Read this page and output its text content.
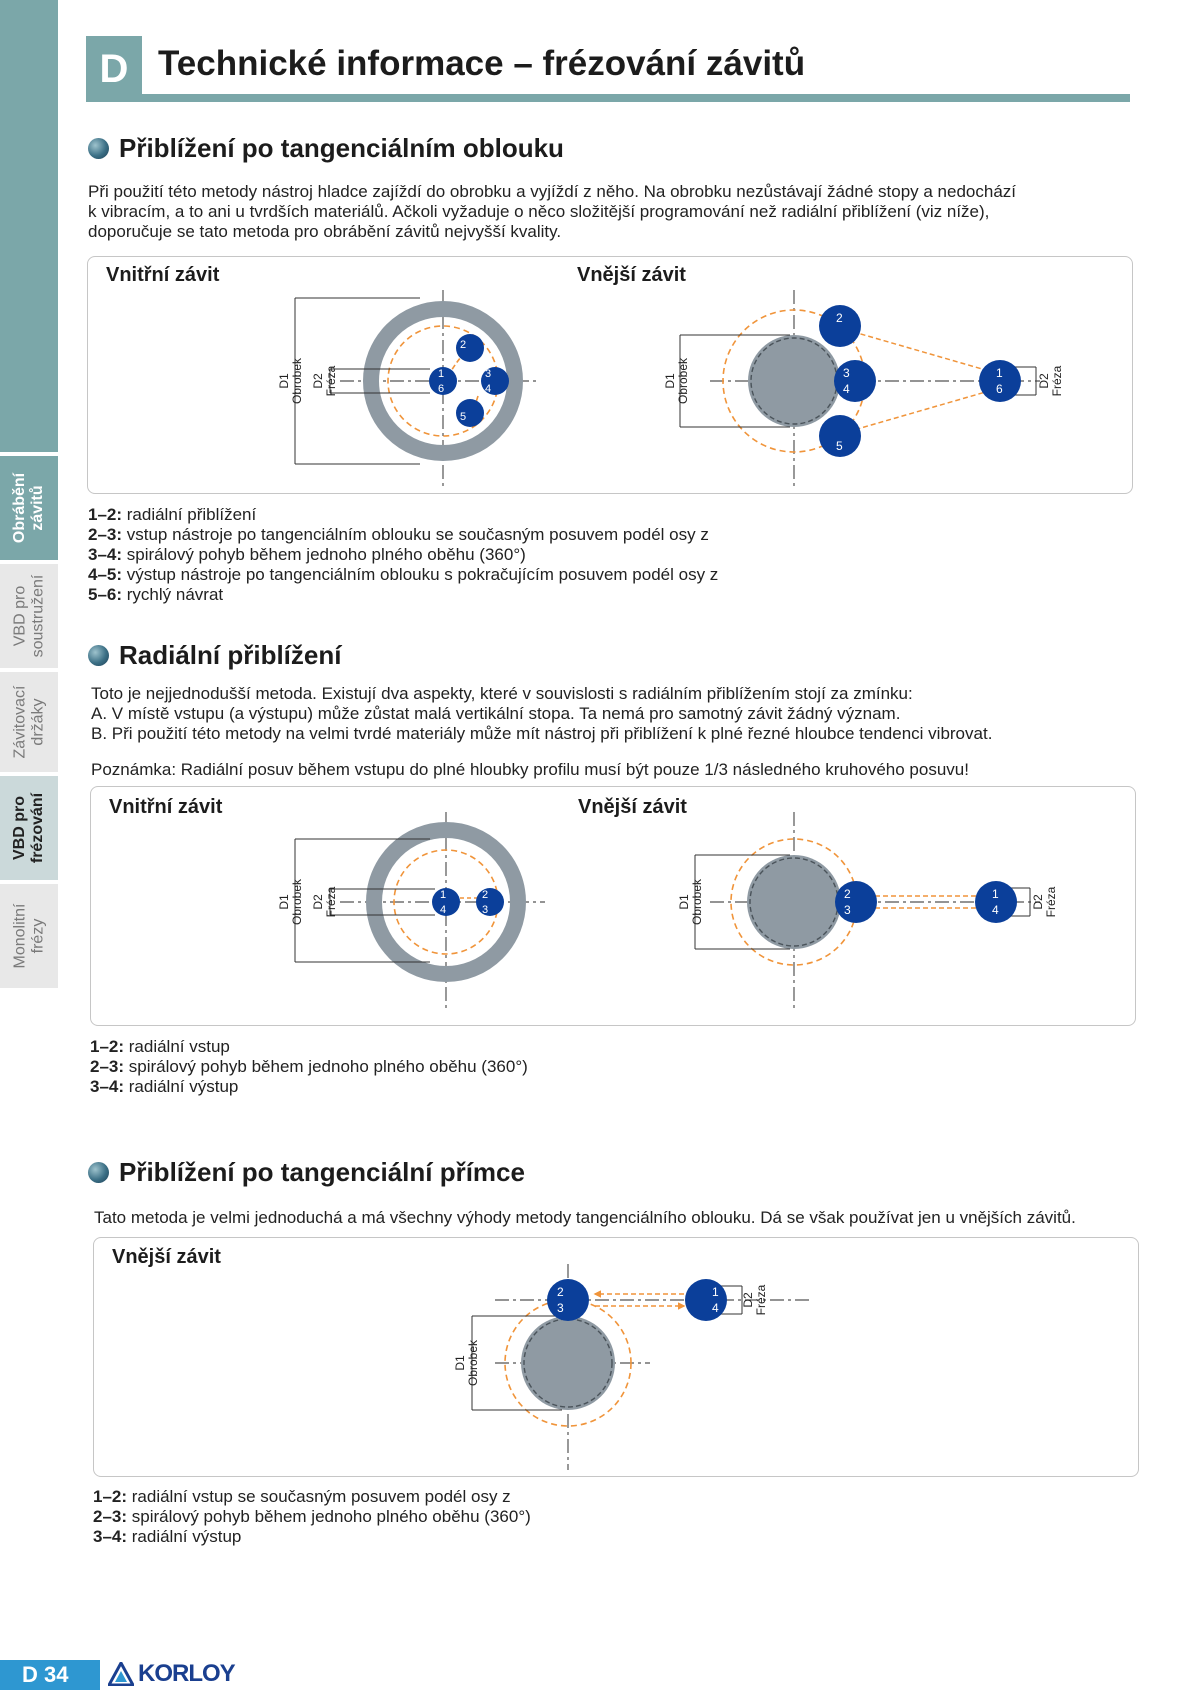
Obrábění závitů
VBD pro soustružení
Závitovací držáky
VBD pro frézování
Monolitní frézy
D Technické informace – frézování závitů
Přiblížení po tangenciálním oblouku
Při použití této metody nástroj hladce zajíždí do obrobku a vyjíždí z něho. Na obrobku nezůstávají žádné stopy a nedochází
k vibracím, a to ani u tvrdších materiálů. Ačkoli vyžaduje o něco složitější programování než radiální přiblížení (viz níže),
doporučuje se tato metoda pro obrábění závitů nejvyšší kvality.
Vnitřní závit	Vnější závit
D1 Obrobek D2 Fréza	1
6
2
3
4
5
D1 Obrobek	D2 Fréza
2
3
4
5
1
6
1–2: radiální přiblížení
2–3: vstup nástroje po tangenciálním oblouku se současným posuvem podél osy z
3–4: spirálový pohyb během jednoho plného oběhu (360°)
4–5: výstup nástroje po tangenciálním oblouku s pokračujícím posuvem podél osy z
5–6: rychlý návrat
Radiální přiblížení
Toto je nejjednodušší metoda. Existují dva aspekty, které v souvislosti s radiálním přiblížením stojí za zmínku:
A. V místě vstupu (a výstupu) může zůstat malá vertikální stopa. Ta nemá pro samotný závit žádný význam.
B. Při použití této metody na velmi tvrdé materiály může mít nástroj při přiblížení k plné řezné hloubce tendenci vibrovat.
Poznámka: Radiální posuv během vstupu do plné hloubky profilu musí být pouze 1/3 následného kruhového posuvu!
Vnitřní závit	Vnější závit
D1 Obrobek D2 Fréza	1
4
2
3
D1 Obrobek	D2 Fréza
2
3
1
4
1–2: radiální vstup
2–3: spirálový pohyb během jednoho plného oběhu (360°)
3–4: radiální výstup
Přiblížení po tangenciální přímce
Tato metoda je velmi jednoduchá a má všechny výhody metody tangenciálního oblouku. Dá se však používat jen u vnějších závitů.
Vnější závit
D1 Obrobek
D2 Fréza
2
3
1
4
1–2: radiální vstup se současným posuvem podél osy z
2–3: spirálový pohyb během jednoho plného oběhu (360°)
3–4: radiální výstup
D 34	KORLOY
